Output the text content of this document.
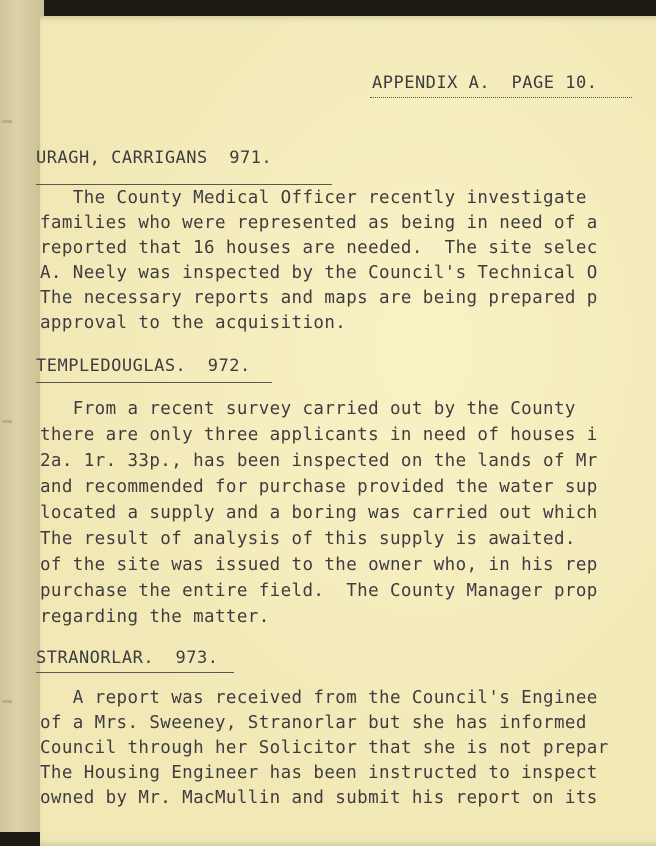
APPENDIX A.  PAGE 10.
URAGH, CARRIGANS  971.
The County Medical Officer recently investigate
families who were represented as being in need of a
reported that 16 houses are needed.  The site selec
A. Neely was inspected by the Council's Technical O
The necessary reports and maps are being prepared p
approval to the acquisition.
TEMPLEDOUGLAS.  972.
From a recent survey carried out by the County
there are only three applicants in need of houses i
2a. 1r. 33p., has been inspected on the lands of Mr
and recommended for purchase provided the water sup
located a supply and a boring was carried out which
The result of analysis of this supply is awaited.
of the site was issued to the owner who, in his rep
purchase the entire field.  The County Manager prop
regarding the matter.
STRANORLAR.  973.
A report was received from the Council's Enginee
of a Mrs. Sweeney, Stranorlar but she has informed
Council through her Solicitor that she is not prepar
The Housing Engineer has been instructed to inspect
owned by Mr. MacMullin and submit his report on its
